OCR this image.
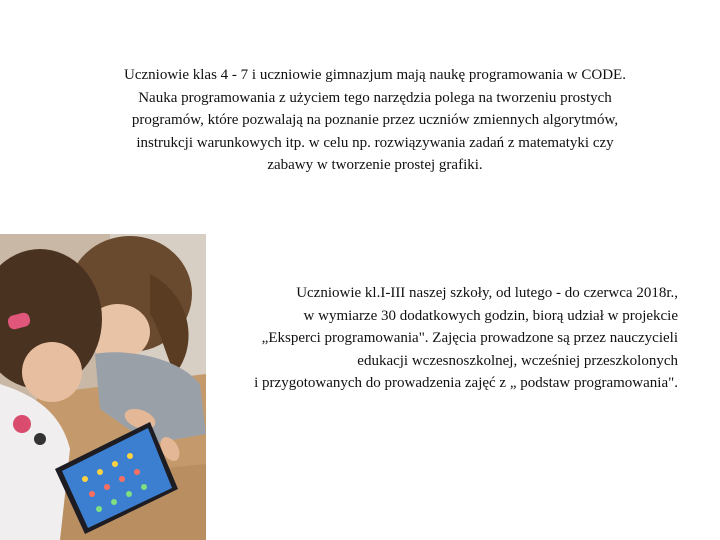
Uczniowie klas 4 - 7 i uczniowie gimnazjum mają naukę programowania w CODE.
Nauka programowania z użyciem tego narzędzia polega na tworzeniu prostych
programów, które pozwalają na poznanie przez uczniów zmiennych algorytmów,
instrukcji warunkowych itp. w celu np. rozwiązywania zadań z matematyki czy
zabawy w tworzenie prostej grafiki.
Uczniowie kl.I-III naszej szkoły, od lutego - do czerwca 2018r.,
w wymiarze 30 dodatkowych godzin, biorą udział w projekcie
„Eksperci programowania". Zajęcia prowadzone są przez nauczycieli
edukacji wczesnoszkolnej, wcześniej przeszkolonych
i przygotowanych do prowadzenia zajęć z „ podstaw programowania".
